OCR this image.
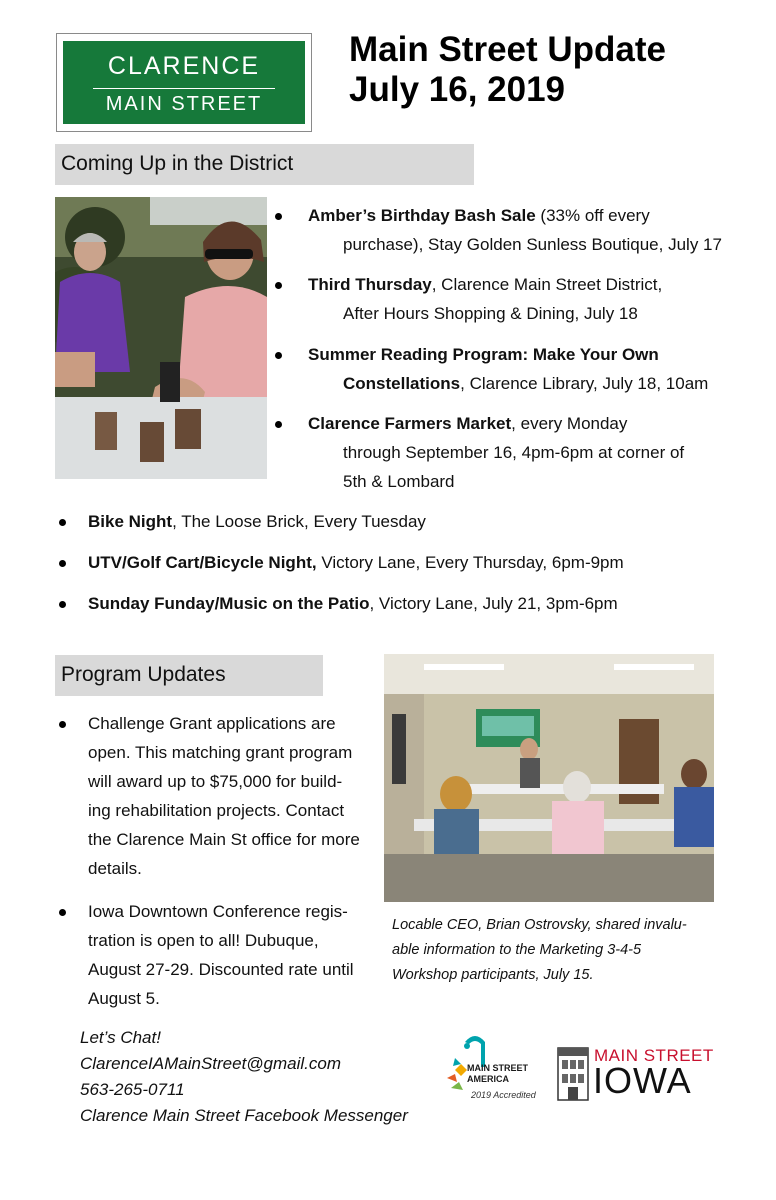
CLARENCE
MAIN STREET
Main Street Update
July 16, 2019
Coming Up in the District
Amber’s Birthday Bash Sale (33% off every
purchase), Stay Golden Sunless Boutique, July 17
Third Thursday, Clarence Main Street District,
After Hours Shopping & Dining, July 18
Summer Reading Program: Make Your Own
Constellations, Clarence Library, July 18, 10am
Clarence Farmers Market, every Monday
through September 16, 4pm-6pm at corner of
5th & Lombard
Bike Night, The Loose Brick, Every Tuesday
UTV/Golf Cart/Bicycle Night, Victory Lane, Every Thursday, 6pm-9pm
Sunday Funday/Music on the Patio, Victory Lane, July 21, 3pm-6pm
Program Updates
Challenge Grant applications are
open. This matching grant program
will award up to $75,000 for build-
ing rehabilitation projects. Contact
the Clarence Main St office for more
details.
Iowa Downtown Conference regis-
tration is open to all! Dubuque,
August 27-29. Discounted rate until
August 5.
Locable CEO, Brian Ostrovsky, shared invalu-
able information to the Marketing 3-4-5
Workshop participants, July 15.
Let’s Chat!
ClarenceIAMainStreet@gmail.com
563-265-0711
Clarence Main Street Facebook Messenger
MAIN STREET
AMERICA
2019 Accredited
MAIN STREET
IOWA
